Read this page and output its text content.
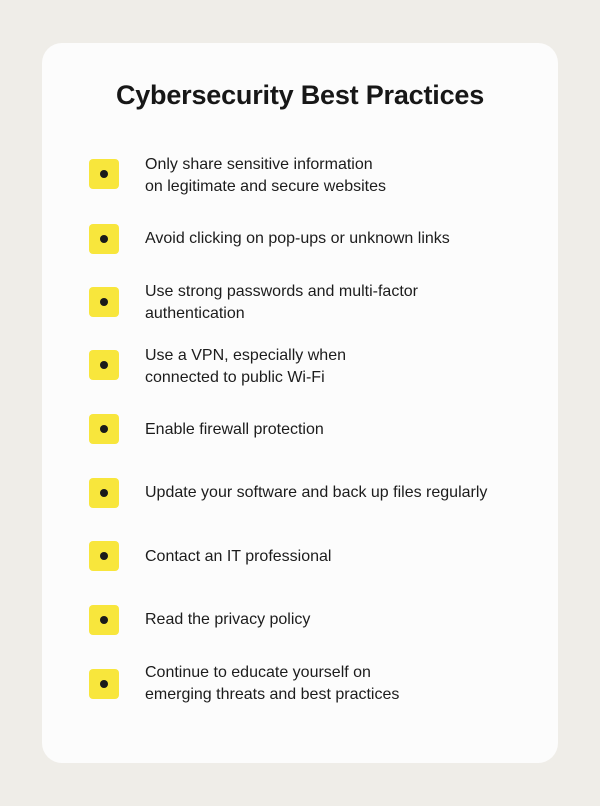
Cybersecurity Best Practices
Only share sensitive information
on legitimate and secure websites
Avoid clicking on pop-ups or unknown links
Use strong passwords and multi-factor
authentication
Use a VPN, especially when
connected to public Wi-Fi
Enable firewall protection
Update your software and back up files regularly
Contact an IT professional
Read the privacy policy
Continue to educate yourself on
emerging threats and best practices
